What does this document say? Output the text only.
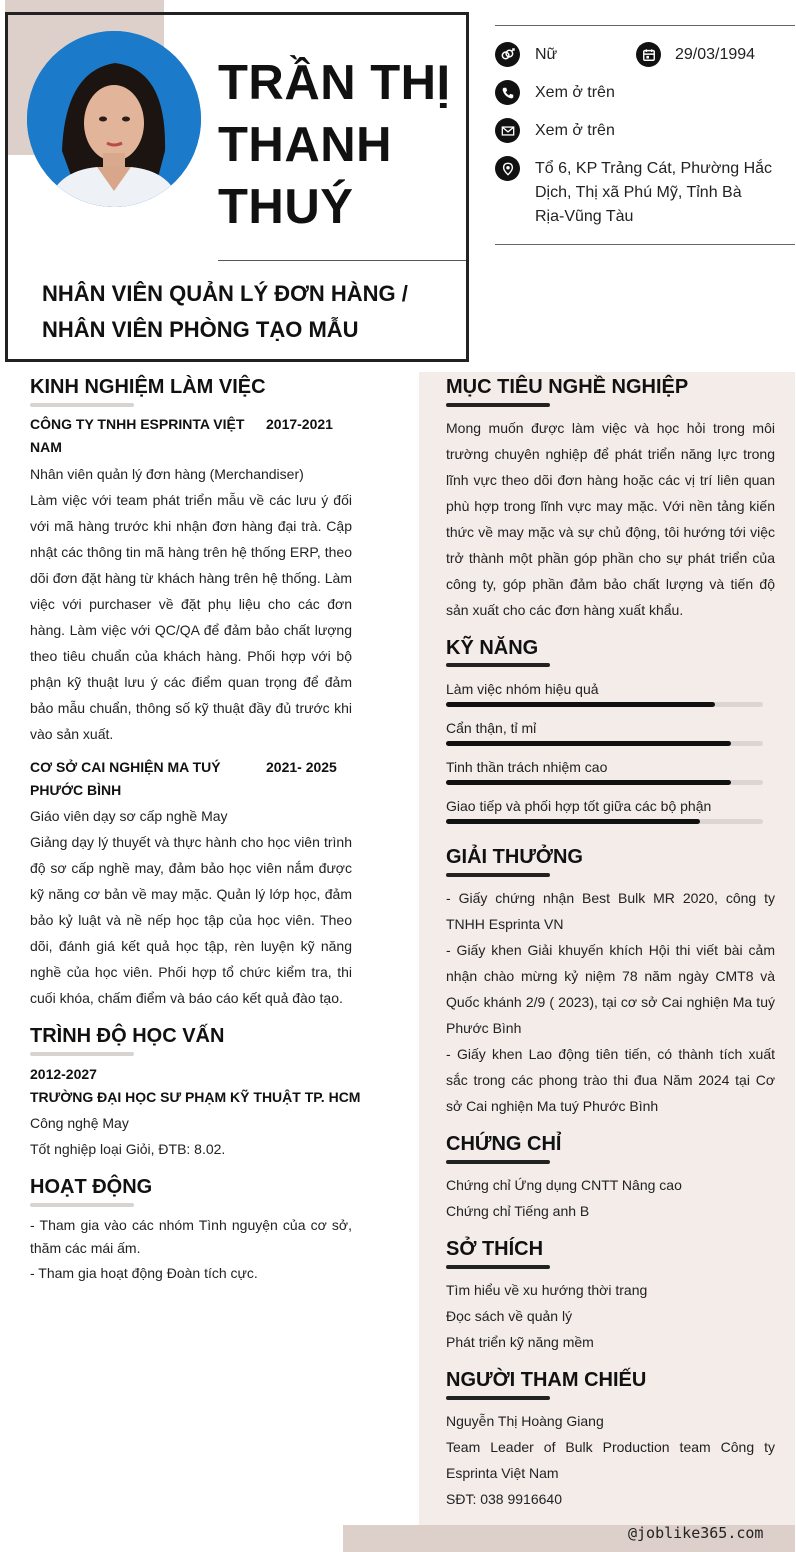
TRẦN THỊ
THANH
THUÝ
NHÂN VIÊN QUẢN LÝ ĐƠN HÀNG / NHÂN VIÊN PHÒNG TẠO MẪU
Nữ	29/03/1994
Xem ở trên
Xem ở trên
Tổ 6, KP Trảng Cát, Phường Hắc Dịch, Thị xã Phú Mỹ, Tỉnh Bà Rịa-Vũng Tàu
KINH NGHIỆM LÀM VIỆC
CÔNG TY TNHH ESPRINTA VIỆT NAM
2017-2021
Nhân viên quản lý đơn hàng (Merchandiser)
Làm việc với team phát triển mẫu về các lưu ý đối với mã hàng trước khi nhận đơn hàng đại trà. Cập nhật các thông tin mã hàng trên hệ thống ERP, theo dõi đơn đặt hàng từ khách hàng trên hệ thống. Làm việc với purchaser về đặt phụ liệu cho các đơn hàng. Làm việc với QC/QA để đảm bảo chất lượng theo tiêu chuẩn của khách hàng. Phối hợp với bộ phận kỹ thuật lưu ý các điểm quan trọng để đảm bảo mẫu chuẩn, thông số kỹ thuật đầy đủ trước khi vào sản xuất.
CƠ SỞ CAI NGHIỆN MA TUÝ PHƯỚC BÌNH
2021- 2025
Giáo viên dạy sơ cấp nghề May
Giảng dạy lý thuyết và thực hành cho học viên trình độ sơ cấp nghề may, đảm bảo học viên nắm được kỹ năng cơ bản về may mặc. Quản lý lớp học, đảm bảo kỷ luật và nề nếp học tập của học viên. Theo dõi, đánh giá kết quả học tập, rèn luyện kỹ năng nghề của học viên. Phối hợp tổ chức kiểm tra, thi cuối khóa, chấm điểm và báo cáo kết quả đào tạo.
TRÌNH ĐỘ HỌC VẤN
2012-2027
TRƯỜNG ĐẠI HỌC SƯ PHẠM KỸ THUẬT TP. HCM
Công nghệ May
Tốt nghiệp loại Giỏi, ĐTB: 8.02.
HOẠT ĐỘNG
- Tham gia vào các nhóm Tình nguyện của cơ sở, thăm các mái ấm.
- Tham gia hoạt động Đoàn tích cực.
MỤC TIÊU NGHỀ NGHIỆP
Mong muốn được làm việc và học hỏi trong môi trường chuyên nghiệp để phát triển năng lực trong lĩnh vực theo dõi đơn hàng hoặc các vị trí liên quan phù hợp trong lĩnh vực may mặc. Với nền tảng kiến thức về may mặc và sự chủ động, tôi hướng tới việc trở thành một phần góp phần cho sự phát triển của công ty, góp phần đảm bảo chất lượng và tiến độ sản xuất cho các đơn hàng xuất khẩu.
KỸ NĂNG
Làm việc nhóm hiệu quả
Cẩn thận, tỉ mỉ
Tinh thần trách nhiệm cao
Giao tiếp và phối hợp tốt giữa các bộ phận
GIẢI THƯỞNG
- Giấy chứng nhận Best Bulk MR 2020, công ty TNHH Esprinta VN
- Giấy khen Giải khuyến khích Hội thi viết bài cảm nhận chào mừng kỷ niệm 78 năm ngày CMT8 và Quốc khánh 2/9 ( 2023), tại cơ sở Cai nghiện Ma tuý Phước Bình
- Giấy khen Lao động tiên tiến, có thành tích xuất sắc trong các phong trào thi đua Năm 2024 tại Cơ sở Cai nghiện Ma tuý Phước Bình
CHỨNG CHỈ
Chứng chỉ Ứng dụng CNTT Nâng cao
Chứng chỉ Tiếng anh B
SỞ THÍCH
Tìm hiểu về xu hướng thời trang
Đọc sách về quản lý
Phát triển kỹ năng mềm
NGƯỜI THAM CHIẾU
Nguyễn Thị Hoàng Giang
Team Leader of Bulk Production team Công ty Esprinta Việt Nam
SĐT: 038 9916640
@joblike365.com
